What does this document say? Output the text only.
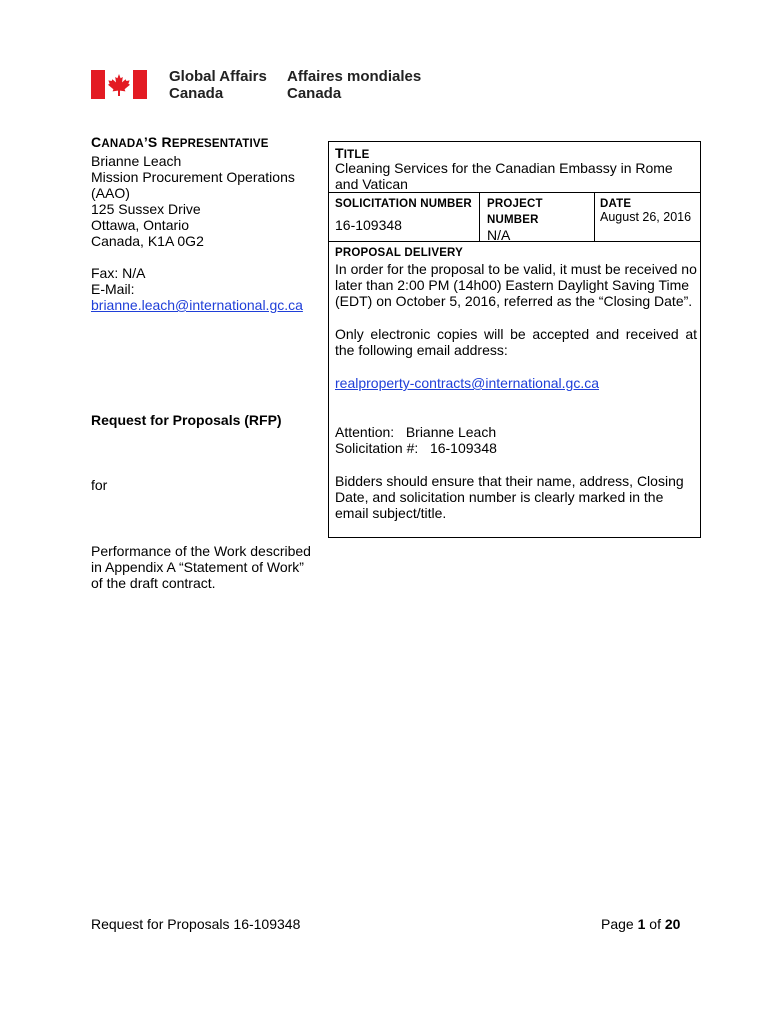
Global Affairs
Canada
Affaires mondiales
Canada
CANADA’S REPRESENTATIVE
Brianne Leach
Mission Procurement Operations
(AAO)
125 Sussex Drive
Ottawa, Ontario
Canada, K1A 0G2
Fax: N/A
E-Mail:
brianne.leach@international.gc.ca
Request for Proposals (RFP)
for
Performance of the Work described
in Appendix A “Statement of Work”
of the draft contract.
TITLE
Cleaning Services for the Canadian Embassy in Rome
and Vatican
SOLICITATION NUMBER
16-109348
PROJECT
NUMBER
N/A
DATE
August 26, 2016
PROPOSAL DELIVERY
In order for the proposal to be valid, it must be received no
later than 2:00 PM (14h00) Eastern Daylight Saving Time
(EDT) on October 5, 2016, referred as the “Closing Date”.
Only electronic copies will be accepted and received at
the following email address:
realproperty-contracts@international.gc.ca
Attention:   Brianne Leach
Solicitation #:   16-109348
Bidders should ensure that their name, address, Closing
Date, and solicitation number is clearly marked in the
email subject/title.
Request for Proposals 16-109348	Page 1 of 20
